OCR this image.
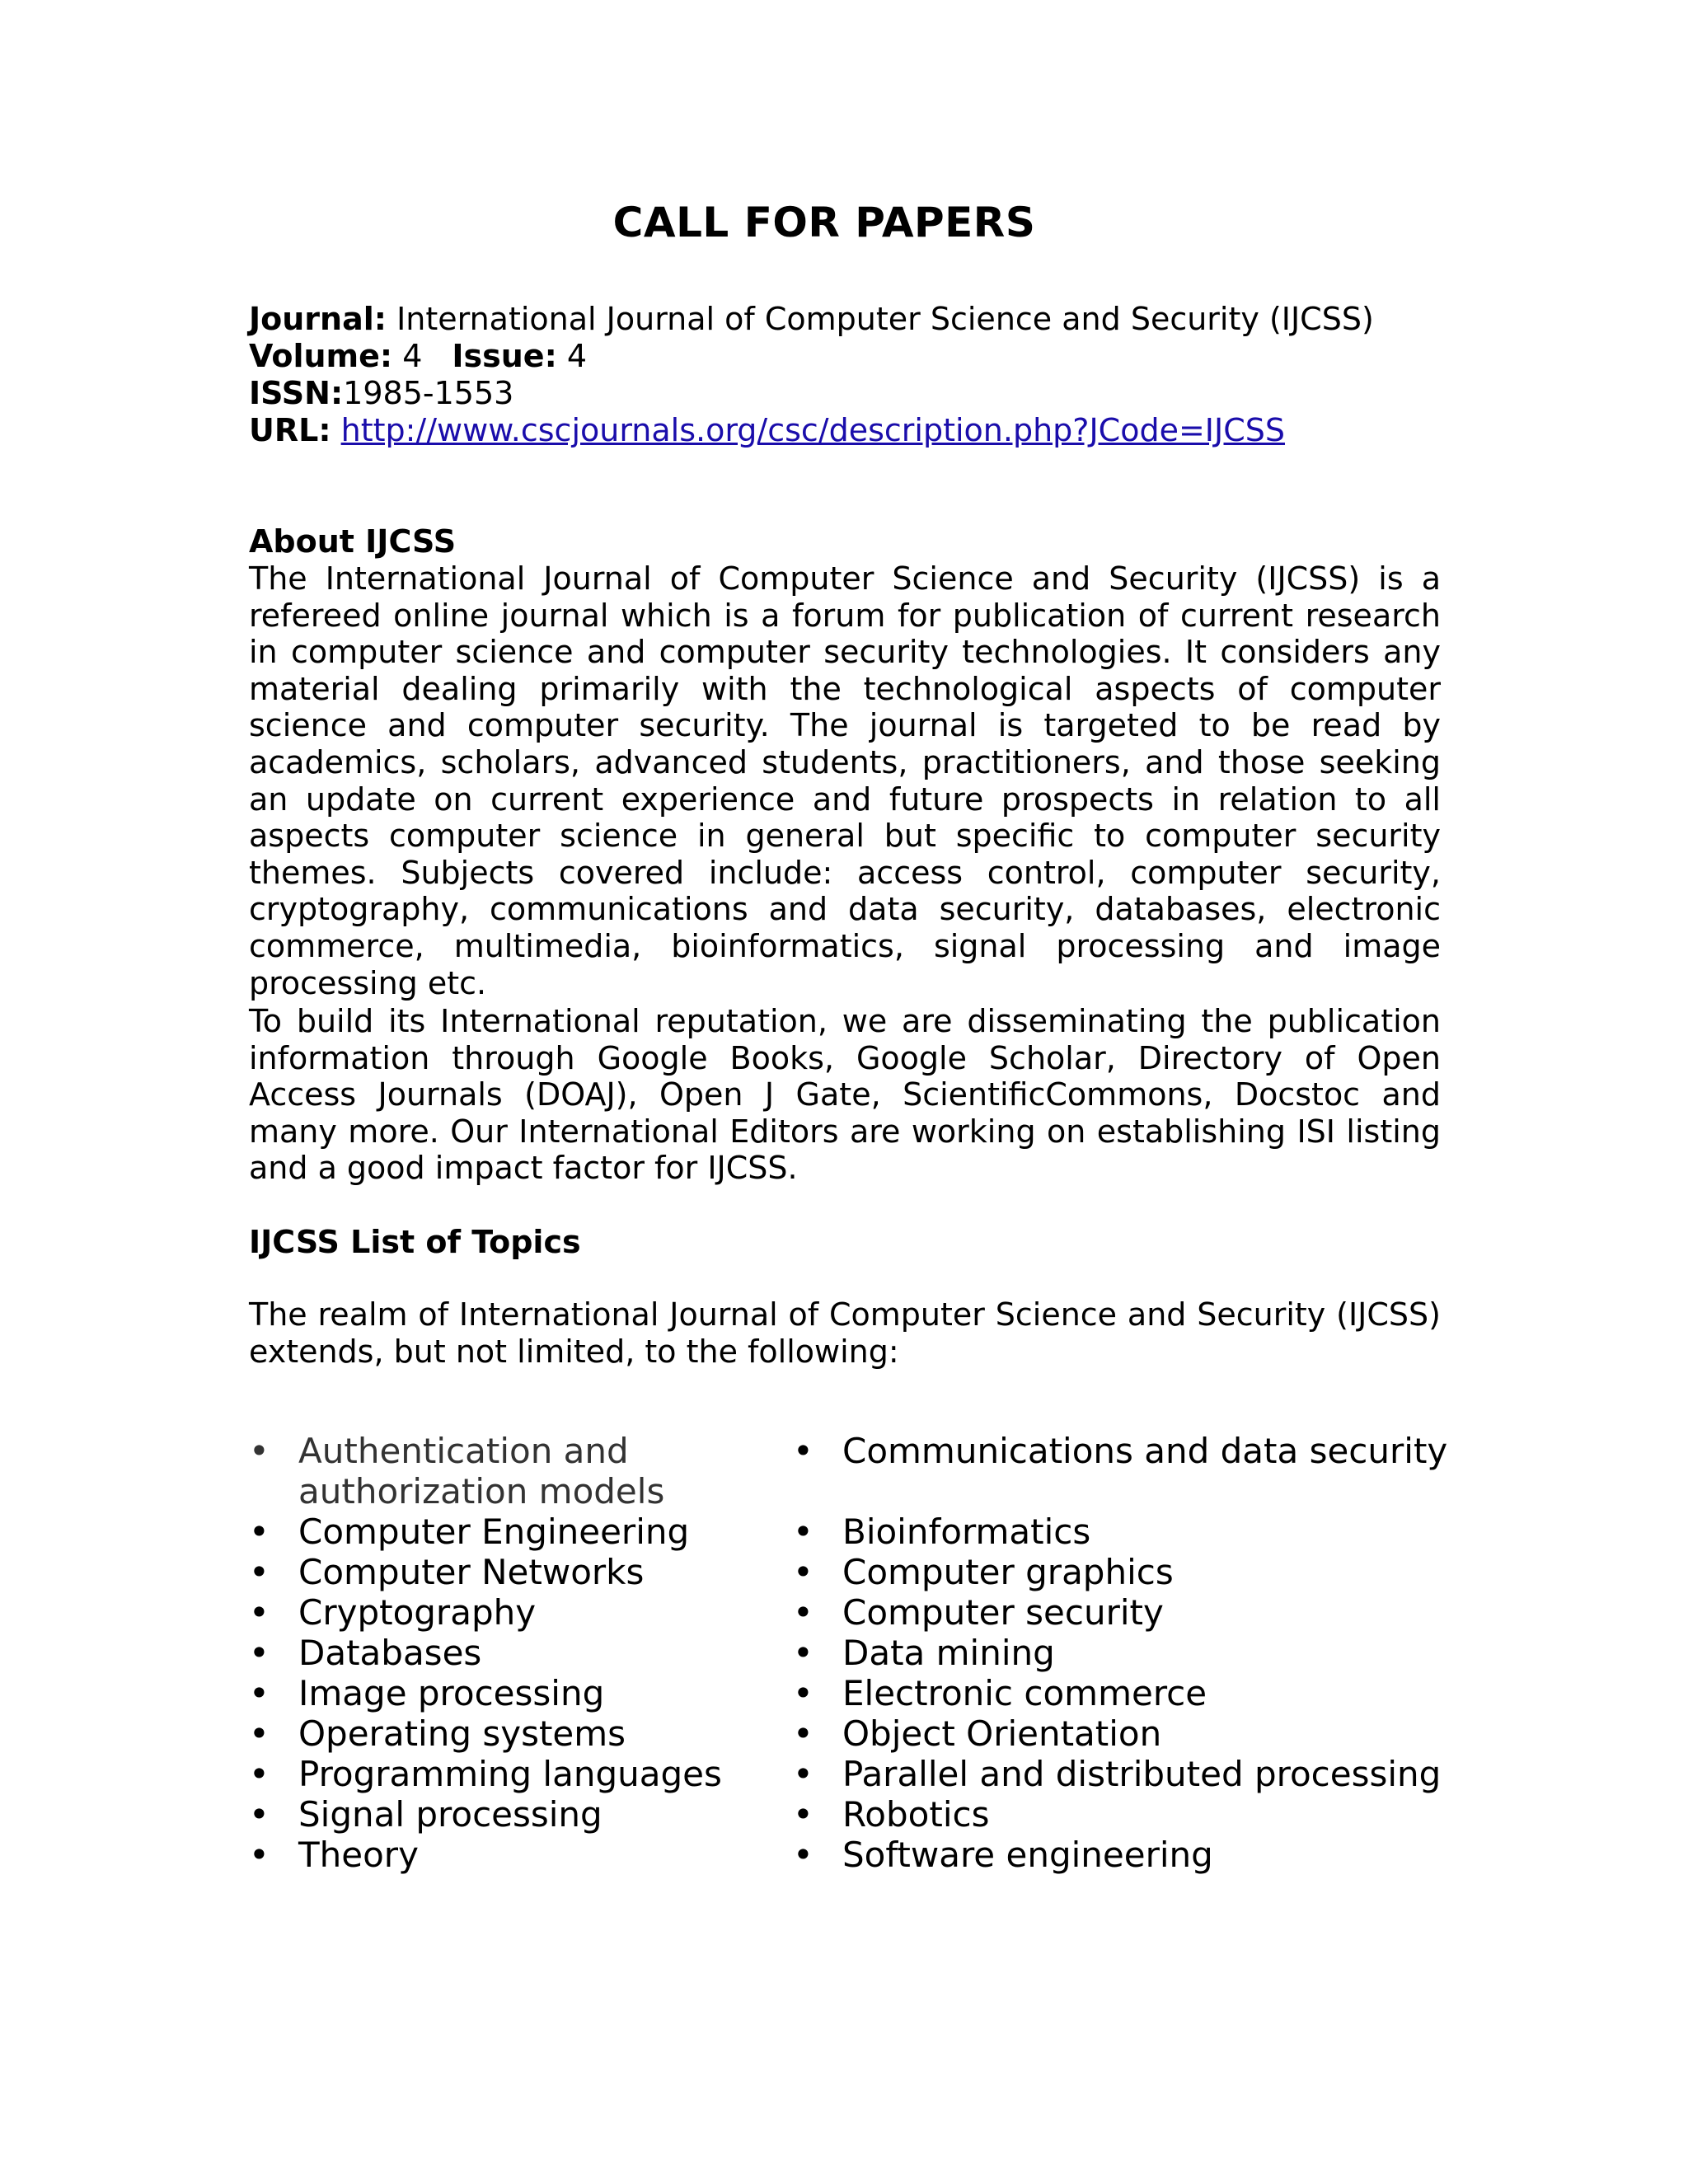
CALL FOR PAPERS
Journal: International Journal of Computer Science and Security (IJCSS)
Volume: 4 Issue: 4
ISSN:1985-1553
URL: http://www.cscjournals.org/csc/description.php?JCode=IJCSS
About IJCSS

The International Journal of Computer Science and Security (IJCSS) is a refereed online journal which is a forum for publication of current research in computer science and computer security technologies. It considers any material dealing primarily with the technological aspects of computer science and computer security. The journal is targeted to be read by academics, scholars, advanced students, practitioners, and those seeking an update on current experience and future prospects in relation to all aspects computer science in general but specific to computer security themes. Subjects covered include: access control, computer security, cryptography, communications and data security, databases, electronic commerce, multimedia, bioinformatics, signal processing and image processing etc.

To build its International reputation, we are disseminating the publication information through Google Books, Google Scholar, Directory of Open Access Journals (DOAJ), Open J Gate, ScientificCommons, Docstoc and many more. Our International Editors are working on establishing ISI listing and a good impact factor for IJCSS.

IJCSS List of Topics

The realm of International Journal of Computer Science and Security (IJCSS) extends, but not limited, to the following:

• Authentication and authorization models
• Computer Engineering
• Computer Networks
• Cryptography
• Databases
• Image processing
• Operating systems
• Programming languages
• Signal processing
• Theory
• Communications and data security
• Bioinformatics
• Computer graphics
• Computer security
• Data mining
• Electronic commerce
• Object Orientation
• Parallel and distributed processing
• Robotics
• Software engineering
